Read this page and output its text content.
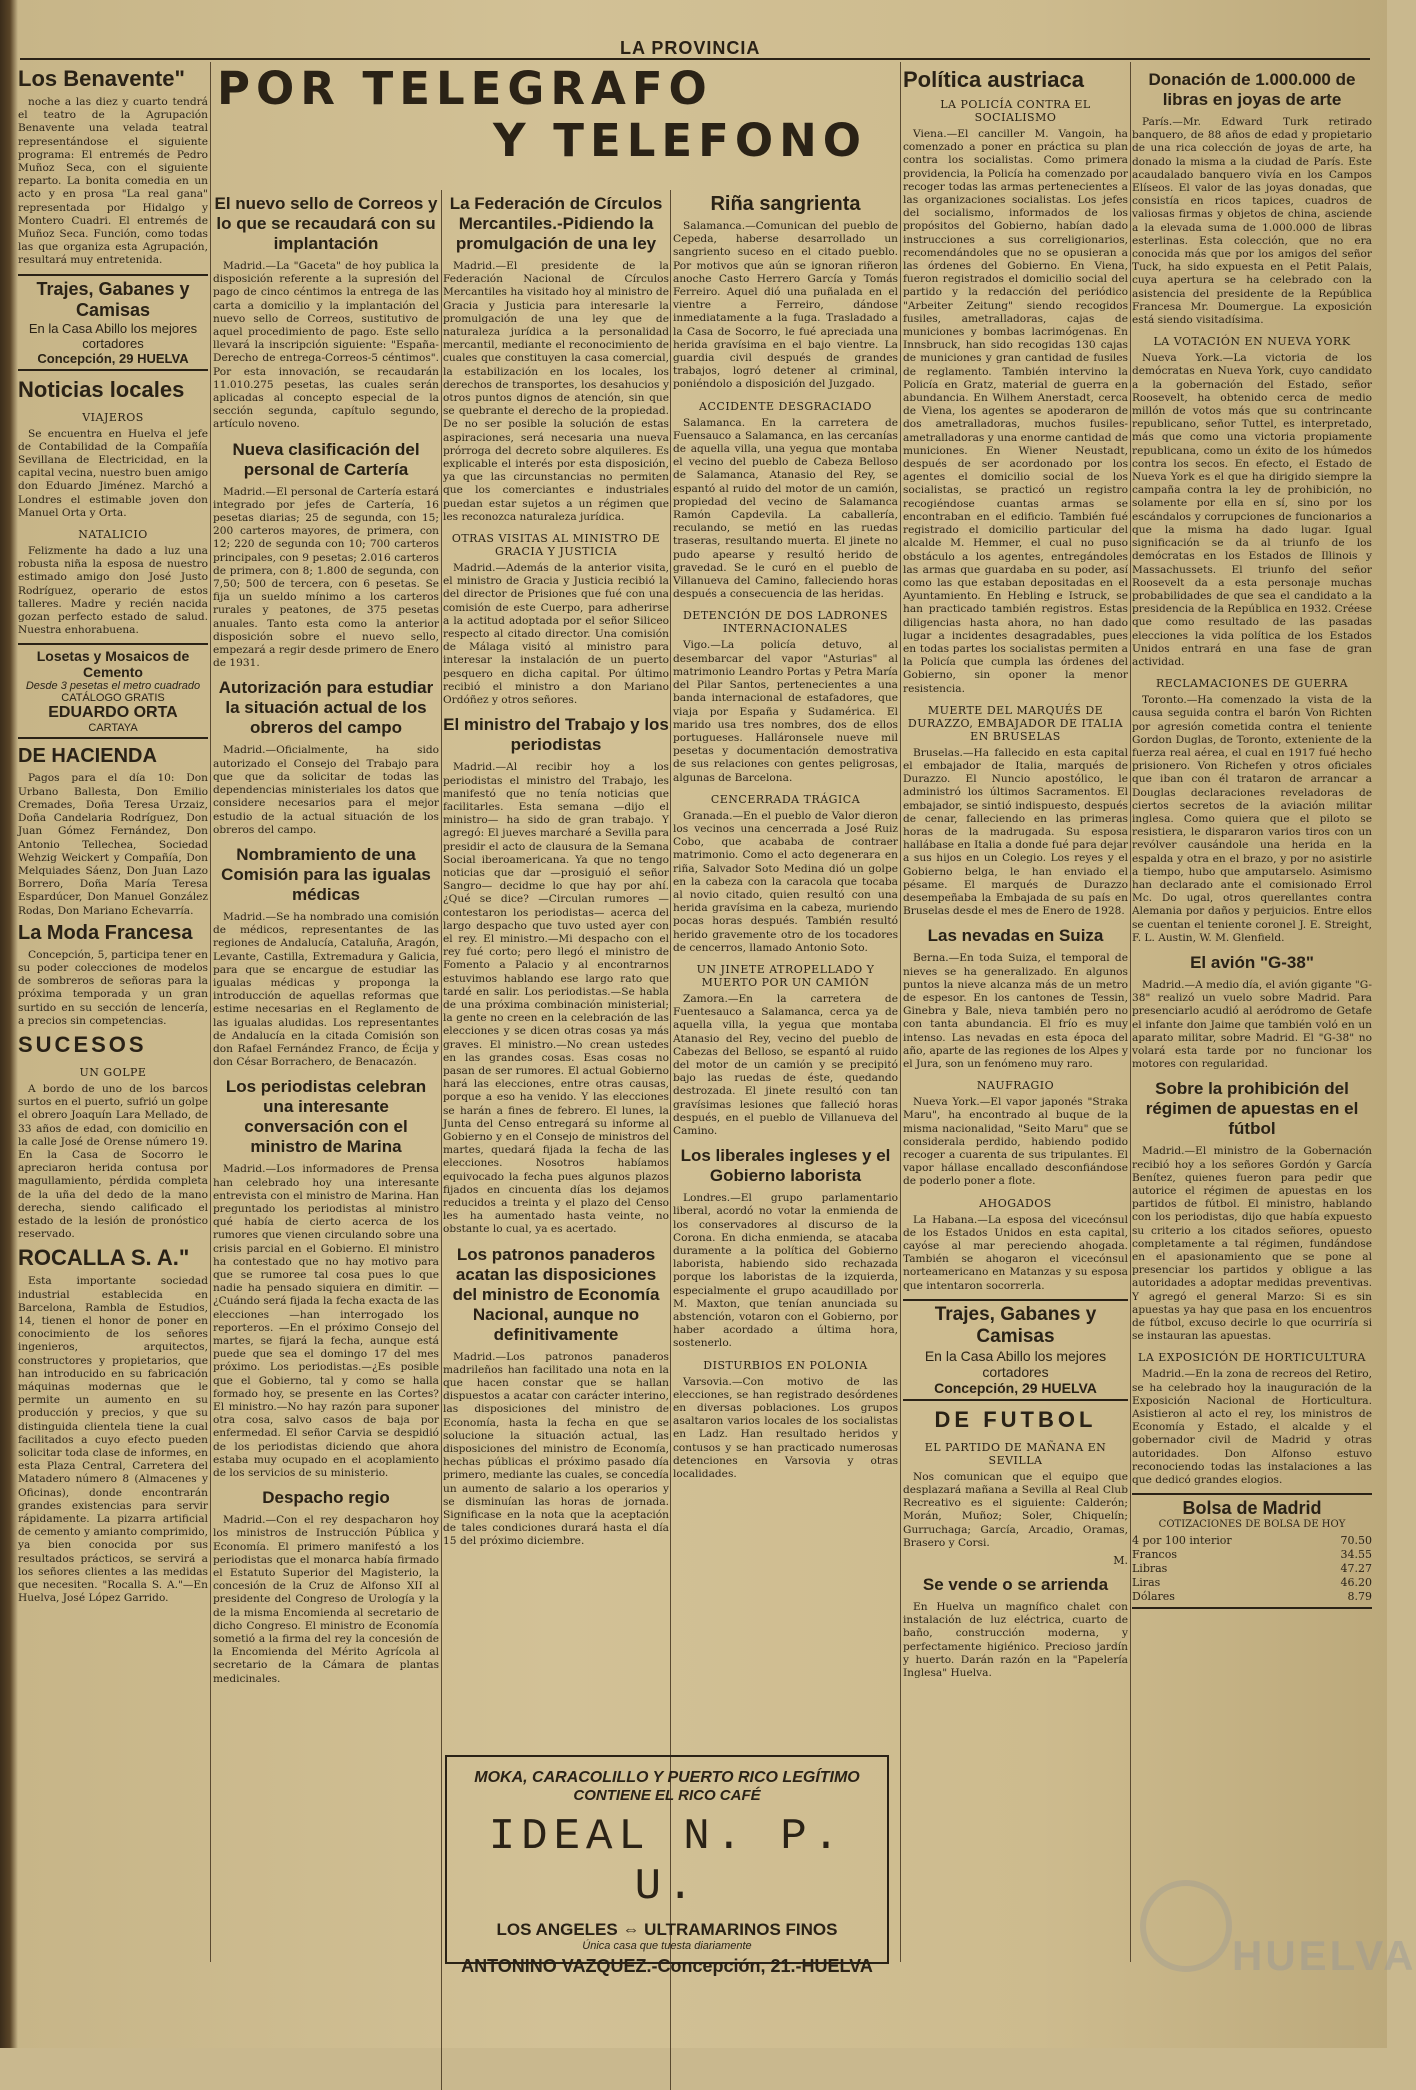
LA PROVINCIA
Los Benavente"

noche a las diez y cuarto tendrá el teatro de la Agrupación Benavente una velada teatral representándose el siguiente programa: El entremés de Pedro Muñoz Seca, con el siguiente reparto. La bonita comedia en un acto y en prosa "La real gana" representada por Hidalgo y Montero Cuadri. El entremés de Muñoz Seca. Función, como todas las que organiza esta Agrupación, resultará muy entretenida.

Trajes, Gabanes y Camisas
En la Casa Abillo los mejores cortadores
Concepción, 29 HUELVA
Noticias locales
VIAJEROS

Se encuentra en Huelva el jefe de Contabilidad de la Compañía Sevillana de Electricidad, en la capital vecina, nuestro buen amigo don Eduardo Jiménez. Marchó a Londres el estimable joven don Manuel Orta y Orta.

NATALICIO

Felizmente ha dado a luz una robusta niña la esposa de nuestro estimado amigo don José Justo Rodríguez, operario de estos talleres. Madre y recién nacida gozan perfecto estado de salud. Nuestra enhorabuena.

Losetas y Mosaicos de Cemento
Desde 3 pesetas el metro cuadrado
CATÁLOGO GRATIS
EDUARDO ORTA
CARTAYA
DE HACIENDA

Pagos para el día 10: Don Urbano Ballesta, Don Emilio Cremades, Doña Teresa Urzaiz, Doña Candelaria Rodríguez, Don Juan Gómez Fernández, Don Antonio Tellechea, Sociedad Wehzig Weickert y Compañía, Don Melquiades Sáenz, Don Juan Lazo Borrero, Doña María Teresa Espardúcer, Don Manuel González Rodas, Don Mariano Echevarría.

La Moda Francesa

Concepción, 5, participa tener en su poder colecciones de modelos de sombreros de señoras para la próxima temporada y un gran surtido en su sección de lencería, a precios sin competencias.

SUCESOS
UN GOLPE

A bordo de uno de los barcos surtos en el puerto, sufrió un golpe el obrero Joaquín Lara Mellado, de 33 años de edad, con domicilio en la calle José de Orense número 19. En la Casa de Socorro le apreciaron herida contusa por magullamiento, pérdida completa de la uña del dedo de la mano derecha, siendo calificado el estado de la lesión de pronóstico reservado.

ROCALLA S. A."

Esta importante sociedad industrial establecida en Barcelona, Rambla de Estudios, 14, tienen el honor de poner en conocimiento de los señores ingenieros, arquitectos, constructores y propietarios, que han introducido en su fabricación máquinas modernas que le permite un aumento en su producción y precios, y que su distinguida clientela tiene la cual facilitados a cuyo efecto pueden solicitar toda clase de informes, en esta Plaza Central, Carretera del Matadero número 8 (Almacenes y Oficinas), donde encontrarán grandes existencias para servir rápidamente. La pizarra artificial de cemento y amianto comprimido, ya bien conocida por sus resultados prácticos, se servirá a los señores clientes a las medidas que necesiten. "Rocalla S. A."—En Huelva, José López Garrido.

POR TELEGRAFO
Y TELEFONO
El nuevo sello de Correos y lo que se recaudará con su implantación

Madrid.—La "Gaceta" de hoy publica la disposición referente a la supresión del pago de cinco céntimos la entrega de las carta a domicilio y la implantación del nuevo sello de Correos, sustitutivo de aquel procedimiento de pago. Este sello llevará la inscripción siguiente: "España-Derecho de entrega-Correos-5 céntimos". Por esta innovación, se recaudarán 11.010.275 pesetas, las cuales serán aplicadas al concepto especial de la sección segunda, capítulo segundo, artículo noveno.

Nueva clasificación del personal de Cartería

Madrid.—El personal de Cartería estará integrado por jefes de Cartería, 16 pesetas diarias; 25 de segunda, con 15; 200 carteros mayores, de primera, con 12; 220 de segunda con 10; 700 carteros principales, con 9 pesetas; 2.016 carteros de primera, con 8; 1.800 de segunda, con 7,50; 500 de tercera, con 6 pesetas. Se fija un sueldo mínimo a los carteros rurales y peatones, de 375 pesetas anuales. Tanto esta como la anterior disposición sobre el nuevo sello, empezará a regir desde primero de Enero de 1931.

Autorización para estudiar la situación actual de los obreros del campo

Madrid.—Oficialmente, ha sido autorizado el Consejo del Trabajo para que que da solicitar de todas las dependencias ministeriales los datos que considere necesarios para el mejor estudio de la actual situación de los obreros del campo.

Nombramiento de una Comisión para las igualas médicas

Madrid.—Se ha nombrado una comisión de médicos, representantes de las regiones de Andalucía, Cataluña, Aragón, Levante, Castilla, Extremadura y Galicia, para que se encargue de estudiar las igualas médicas y proponga la introducción de aquellas reformas que estime necesarias en el Reglamento de las igualas aludidas. Los representantes de Andalucía en la citada Comisión son don Rafael Fernández Franco, de Écija y don César Borrachero, de Benacazón.

Los periodistas celebran una interesante conversación con el ministro de Marina

Madrid.—Los informadores de Prensa han celebrado hoy una interesante entrevista con el ministro de Marina. Han preguntado los periodistas al ministro qué había de cierto acerca de los rumores que vienen circulando sobre una crisis parcial en el Gobierno. El ministro ha contestado que no hay motivo para que se rumoree tal cosa pues lo que nadie ha pensado siquiera en dimitir. —¿Cuándo será fijada la fecha exacta de las elecciones —han interrogado los reporteros. —En el próximo Consejo del martes, se fijará la fecha, aunque está puede que sea el domingo 17 del mes próximo. Los periodistas.—¿Es posible que el Gobierno, tal y como se halla formado hoy, se presente en las Cortes? El ministro.—No hay razón para suponer otra cosa, salvo casos de baja por enfermedad. El señor Carvia se despidió de los periodistas diciendo que ahora estaba muy ocupado en el acoplamiento de los servicios de su ministerio.

Despacho regio

Madrid.—Con el rey despacharon hoy los ministros de Instrucción Pública y Economía. El primero manifestó a los periodistas que el monarca había firmado el Estatuto Superior del Magisterio, la concesión de la Cruz de Alfonso XII al presidente del Congreso de Urología y la de la misma Encomienda al secretario de dicho Congreso. El ministro de Economía sometió a la firma del rey la concesión de la Encomienda del Mérito Agrícola al secretario de la Cámara de plantas medicinales.

La Federación de Círculos Mercantiles.-Pidiendo la promulgación de una ley

Madrid.—El presidente de la Federación Nacional de Círculos Mercantiles ha visitado hoy al ministro de Gracia y Justicia para interesarle la promulgación de una ley que de naturaleza jurídica a la personalidad mercantil, mediante el reconocimiento de cuales que constituyen la casa comercial, la estabilización en los locales, los derechos de transportes, los desahucios y otros puntos dignos de atención, sin que se quebrante el derecho de la propiedad. De no ser posible la solución de estas aspiraciones, será necesaria una nueva prórroga del decreto sobre alquileres. Es explicable el interés por esta disposición, ya que las circunstancias no permiten que los comerciantes e industriales puedan estar sujetos a un régimen que les reconozca naturaleza jurídica.

OTRAS VISITAS AL MINISTRO DE GRACIA Y JUSTICIA

Madrid.—Además de la anterior visita, el ministro de Gracia y Justicia recibió la del director de Prisiones que fué con una comisión de este Cuerpo, para adherirse a la actitud adoptada por el señor Siliceo respecto al citado director. Una comisión de Málaga visitó al ministro para interesar la instalación de un puerto pesquero en dicha capital. Por último recibió el ministro a don Mariano Ordóñez y otros señores.

El ministro del Trabajo y los periodistas

Madrid.—Al recibir hoy a los periodistas el ministro del Trabajo, les manifestó que no tenía noticias que facilitarles. Esta semana —dijo el ministro— ha sido de gran trabajo. Y agregó: El jueves marcharé a Sevilla para presidir el acto de clausura de la Semana Social iberoamericana. Ya que no tengo noticias que dar —prosiguió el señor Sangro— decidme lo que hay por ahí. ¿Qué se dice? —Circulan rumores —contestaron los periodistas— acerca del largo despacho que tuvo usted ayer con el rey. El ministro.—Mi despacho con el rey fué corto; pero llegó el ministro de Fomento a Palacio y al encontrarnos estuvimos hablando ese largo rato que tardé en salir. Los periodistas.—Se habla de una próxima combinación ministerial; la gente no creen en la celebración de las elecciones y se dicen otras cosas ya más graves. El ministro.—No crean ustedes en las grandes cosas. Esas cosas no pasan de ser rumores. El actual Gobierno hará las elecciones, entre otras causas, porque a eso ha venido. Y las elecciones se harán a fines de febrero. El lunes, la Junta del Censo entregará su informe al Gobierno y en el Consejo de ministros del martes, quedará fijada la fecha de las elecciones. Nosotros habíamos equivocado la fecha pues algunos plazos fijados en cincuenta días los dejamos reducidos a treinta y el plazo del Censo les ha aumentado hasta veinte, no obstante lo cual, ya es acertado.

Los patronos panaderos acatan las disposiciones del ministro de Economía Nacional, aunque no definitivamente

Madrid.—Los patronos panaderos madrileños han facilitado una nota en la que hacen constar que se hallan dispuestos a acatar con carácter interino, las disposiciones del ministro de Economía, hasta la fecha en que se solucione la situación actual, las disposiciones del ministro de Economía, hechas públicas el próximo pasado día primero, mediante las cuales, se concedía un aumento de salario a los operarios y se disminuían las horas de jornada. Significase en la nota que la aceptación de tales condiciones durará hasta el día 15 del próximo diciembre.

Riña sangrienta

Salamanca.—Comunican del pueblo de Cepeda, haberse desarrollado un sangriento suceso en el citado pueblo. Por motivos que aún se ignoran riñeron anoche Casto Herrero García y Tomás Ferreiro. Aquel dió una puñalada en el vientre a Ferreiro, dándose inmediatamente a la fuga. Trasladado a la Casa de Socorro, le fué apreciada una herida gravísima en el bajo vientre. La guardia civil después de grandes trabajos, logró detener al criminal, poniéndolo a disposición del Juzgado.

ACCIDENTE DESGRACIADO

Salamanca. En la carretera de Fuensauco a Salamanca, en las cercanías de aquella villa, una yegua que montaba el vecino del pueblo de Cabeza Belloso de Salamanca, Atanasio del Rey, se espantó al ruido del motor de un camión, propiedad del vecino de Salamanca Ramón Capdevila. La caballería, reculando, se metió en las ruedas traseras, resultando muerta. El jinete no pudo apearse y resultó herido de gravedad. Se le curó en el pueblo de Villanueva del Camino, falleciendo horas después a consecuencia de las heridas.

DETENCIÓN DE DOS LADRONES INTERNACIONALES

Vigo.—La policía detuvo, al desembarcar del vapor "Asturias" al matrimonio Leandro Portas y Petra María del Pilar Santos, pertenecientes a una banda internacional de estafadores, que viaja por España y Sudamérica. El marido usa tres nombres, dos de ellos portugueses. Halláronsele nueve mil pesetas y documentación demostrativa de sus relaciones con gentes peligrosas, algunas de Barcelona.

CENCERRADA TRÁGICA

Granada.—En el pueblo de Valor dieron los vecinos una cencerrada a José Ruiz Cobo, que acababa de contraer matrimonio. Como el acto degenerara en riña, Salvador Soto Medina dió un golpe en la cabeza con la caracola que tocaba al novio citado, quien resultó con una herida gravísima en la cabeza, muriendo pocas horas después. También resultó herido gravemente otro de los tocadores de cencerros, llamado Antonio Soto.

UN JINETE ATROPELLADO Y MUERTO POR UN CAMIÓN

Zamora.—En la carretera de Fuentesauco a Salamanca, cerca ya de aquella villa, la yegua que montaba Atanasio del Rey, vecino del pueblo de Cabezas del Belloso, se espantó al ruido del motor de un camión y se precipitó bajo las ruedas de éste, quedando destrozada. El jinete resultó con tan gravísimas lesiones que falleció horas después, en el pueblo de Villanueva del Camino.

Los liberales ingleses y el Gobierno laborista

Londres.—El grupo parlamentario liberal, acordó no votar la enmienda de los conservadores al discurso de la Corona. En dicha enmienda, se atacaba duramente a la política del Gobierno laborista, habiendo sido rechazada porque los laboristas de la izquierda, especialmente el grupo acaudillado por M. Maxton, que tenían anunciada su abstención, votaron con el Gobierno, por haber acordado a última hora, sostenerlo.

DISTURBIOS EN POLONIA

Varsovia.—Con motivo de las elecciones, se han registrado desórdenes en diversas poblaciones. Los grupos asaltaron varios locales de los socialistas en Ladz. Han resultado heridos y contusos y se han practicado numerosas detenciones en Varsovia y otras localidades.

Política austriaca
LA POLICÍA CONTRA EL SOCIALISMO

Viena.—El canciller M. Vangoin, ha comenzado a poner en práctica su plan contra los socialistas. Como primera providencia, la Policía ha comenzado por recoger todas las armas pertenecientes a las organizaciones socialistas. Los jefes del socialismo, informados de los propósitos del Gobierno, habían dado instrucciones a sus correligionarios, recomendándoles que no se opusieran a las órdenes del Gobierno. En Viena, fueron registrados el domicilio social del partido y la redacción del periódico "Arbeiter Zeitung" siendo recogidos fusiles, ametralladoras, cajas de municiones y bombas lacrimógenas. En Innsbruck, han sido recogidas 130 cajas de municiones y gran cantidad de fusiles de reglamento. También intervino la Policía en Gratz, material de guerra en abundancia. En Wilhem Anerstadt, cerca de Viena, los agentes se apoderaron de dos ametralladoras, muchos fusiles-ametralladoras y una enorme cantidad de municiones. En Wiener Neustadt, después de ser acordonado por los agentes el domicilio social de los socialistas, se practicó un registro recogiéndose cuantas armas se encontraban en el edificio. También fué registrado el domicilio particular del alcalde M. Hemmer, el cual no puso obstáculo a los agentes, entregándoles las armas que guardaba en su poder, así como las que estaban depositadas en el Ayuntamiento. En Hebling e Istruck, se han practicado también registros. Estas diligencias hasta ahora, no han dado lugar a incidentes desagradables, pues en todas partes los socialistas permiten a la Policía que cumpla las órdenes del Gobierno, sin oponer la menor resistencia.

MUERTE DEL MARQUÉS DE DURAZZO, EMBAJADOR DE ITALIA EN BRUSELAS

Bruselas.—Ha fallecido en esta capital el embajador de Italia, marqués de Durazzo. El Nuncio apostólico, le administró los últimos Sacramentos. El embajador, se sintió indispuesto, después de cenar, falleciendo en las primeras horas de la madrugada. Su esposa hallábase en Italia a donde fué para dejar a sus hijos en un Colegio. Los reyes y el Gobierno belga, le han enviado el pésame. El marqués de Durazzo desempeñaba la Embajada de su país en Bruselas desde el mes de Enero de 1928.

Las nevadas en Suiza

Berna.—En toda Suiza, el temporal de nieves se ha generalizado. En algunos puntos la nieve alcanza más de un metro de espesor. En los cantones de Tessin, Ginebra y Bale, nieva también pero no con tanta abundancia. El frío es muy intenso. Las nevadas en esta época del año, aparte de las regiones de los Alpes y el Jura, son un fenómeno muy raro.

NAUFRAGIO

Nueva York.—El vapor japonés "Straka Maru", ha encontrado al buque de la misma nacionalidad, "Seito Maru" que se considerala perdido, habiendo podido recoger a cuarenta de sus tripulantes. El vapor hállase encallado desconfiándose de poderlo poner a flote.

AHOGADOS

La Habana.—La esposa del vicecónsul de los Estados Unidos en esta capital, cayóse al mar pereciendo ahogada. También se ahogaron el vicecónsul norteamericano en Matanzas y su esposa que intentaron socorrerla.

Trajes, Gabanes y Camisas
En la Casa Abillo los mejores cortadores
Concepción, 29 HUELVA
DE FUTBOL
EL PARTIDO DE MAÑANA EN SEVILLA

Nos comunican que el equipo que desplazará mañana a Sevilla al Real Club Recreativo es el siguiente: Calderón; Morán, Muñoz; Soler, Chiquelín; Gurruchaga; García, Arcadio, Oramas, Brasero y Corsi.

M.
Se vende o se arrienda

En Huelva un magnífico chalet con instalación de luz eléctrica, cuarto de baño, construcción moderna, y perfectamente higiénico. Precioso jardín y huerto. Darán razón en la "Papelería Inglesa" Huelva.

Donación de 1.000.000 de libras en joyas de arte

París.—Mr. Edward Turk retirado banquero, de 88 años de edad y propietario de una rica colección de joyas de arte, ha donado la misma a la ciudad de París. Este acaudalado banquero vivía en los Campos Elíseos. El valor de las joyas donadas, que consistía en ricos tapices, cuadros de valiosas firmas y objetos de china, asciende a la elevada suma de 1.000.000 de libras esterlinas. Esta colección, que no era conocida más que por los amigos del señor Tuck, ha sido expuesta en el Petit Palais, cuya apertura se ha celebrado con la asistencia del presidente de la República Francesa Mr. Doumergue. La exposición está siendo visitadísima.

LA VOTACIÓN EN NUEVA YORK

Nueva York.—La victoria de los demócratas en Nueva York, cuyo candidato a la gobernación del Estado, señor Roosevelt, ha obtenido cerca de medio millón de votos más que su contrincante republicano, señor Tuttel, es interpretado, más que como una victoria propiamente republicana, como un éxito de los húmedos contra los secos. En efecto, el Estado de Nueva York es el que ha dirigido siempre la campaña contra la ley de prohibición, no solamente por ella en sí, sino por los escándalos y corrupciones de funcionarios a que la misma ha dado lugar. Igual significación se da al triunfo de los demócratas en los Estados de Illinois y Massachussets. El triunfo del señor Roosevelt da a esta personaje muchas probabilidades de que sea el candidato a la presidencia de la República en 1932. Créese que como resultado de las pasadas elecciones la vida política de los Estados Unidos entrará en una fase de gran actividad.

RECLAMACIONES DE GUERRA

Toronto.—Ha comenzado la vista de la causa seguida contra el barón Von Richten por agresión cometida contra el teniente Gordon Duglas, de Toronto, exteniente de la fuerza real aérea, el cual en 1917 fué hecho prisionero. Von Richefen y otros oficiales que iban con él trataron de arrancar a Douglas declaraciones reveladoras de ciertos secretos de la aviación militar inglesa. Como quiera que el piloto se resistiera, le dispararon varios tiros con un revólver causándole una herida en la espalda y otra en el brazo, y por no asistirle a tiempo, hubo que amputarselo. Asimismo han declarado ante el comisionado Errol Mc. Do ugal, otros querellantes contra Alemania por daños y perjuicios. Entre ellos se cuentan el teniente coronel J. E. Streight, F. L. Austin, W. M. Glenfield.

El avión "G-38"

Madrid.—A medio día, el avión gigante "G-38" realizó un vuelo sobre Madrid. Para presenciarlo acudió al aeródromo de Getafe el infante don Jaime que también voló en un aparato militar, sobre Madrid. El "G-38" no volará esta tarde por no funcionar los motores con regularidad.

Sobre la prohibición del régimen de apuestas en el fútbol

Madrid.—El ministro de la Gobernación recibió hoy a los señores Gordón y García Benítez, quienes fueron para pedir que autorice el régimen de apuestas en los partidos de fútbol. El ministro, hablando con los periodistas, dijo que había expuesto su criterio a los citados señores, opuesto completamente a tal régimen, fundándose en el apasionamiento que se pone al presenciar los partidos y obligue a las autoridades a adoptar medidas preventivas. Y agregó el general Marzo: Si es sin apuestas ya hay que pasa en los encuentros de fútbol, excuso decirle lo que ocurriría si se instauran las apuestas.

LA EXPOSICIÓN DE HORTICULTURA

Madrid.—En la zona de recreos del Retiro, se ha celebrado hoy la inauguración de la Exposición Nacional de Horticultura. Asistieron al acto el rey, los ministros de Economía y Estado, el alcalde y el gobernador civil de Madrid y otras autoridades. Don Alfonso estuvo reconociendo todas las instalaciones a las que dedicó grandes elogios.

Bolsa de Madrid
COTIZACIONES DE BOLSA DE HOY
4 por 100 interior	70.50
Francos	34.55
Libras	47.27
Liras	46.20
Dólares	8.79
MOKA, CARACOLILLO Y PUERTO RICO LEGÍTIMO
CONTIENE EL RICO CAFÉ
IDEAL N. P. U.
LOS ANGELES ⇔ ULTRAMARINOS FINOS
Única casa que tuesta diariamente
ANTONINO VAZQUEZ.-Concepción, 21.-HUELVA	HUELVA
